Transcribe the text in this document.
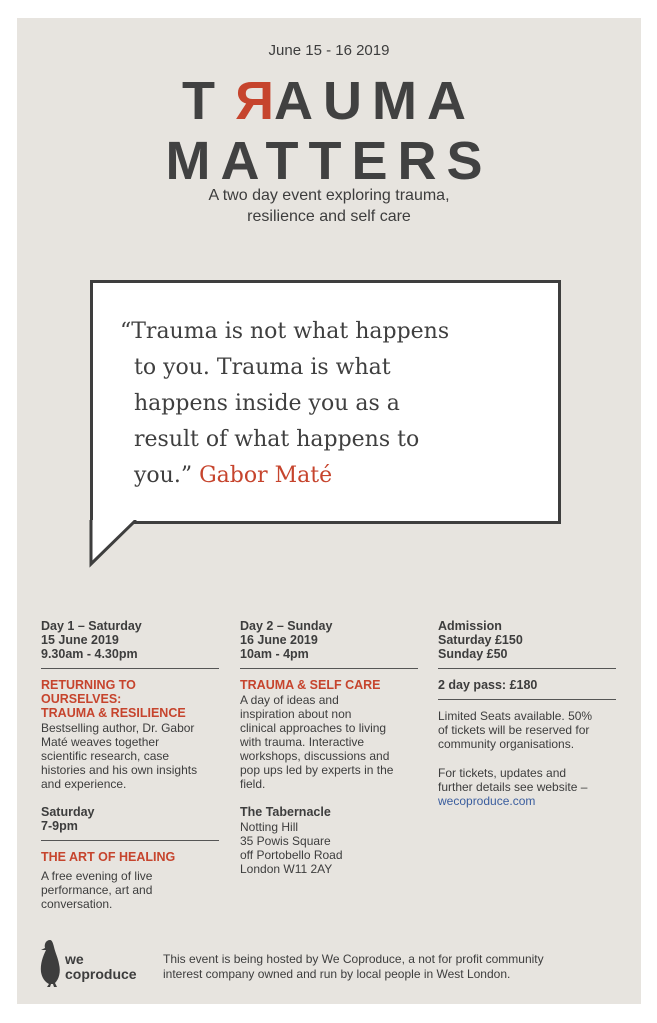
June 15 - 16 2019
TRAUMA
MATTERS
A two day event exploring trauma,
resilience and self care
“Trauma is not what happens
to you. Trauma is what
happens inside you as a
result of what happens to
you.” Gabor Maté
Day 1 – Saturday
15 June 2019
9.30am - 4.30pm
RETURNING TO OURSELVES:
TRAUMA & RESILIENCE
Bestselling author, Dr. Gabor
Maté weaves together
scientific research, case
histories and his own insights
and experience.
Saturday
7-9pm
THE ART OF HEALING
A free evening of live
performance, art and
conversation.
Day 2 – Sunday
16 June 2019
10am - 4pm
TRAUMA & SELF CARE
A day of ideas and
inspiration about non
clinical approaches to living
with trauma. Interactive
workshops, discussions and
pop ups led by experts in the
field.
The Tabernacle
Notting Hill
35 Powis Square
off Portobello Road
London W11 2AY
Admission
Saturday £150
Sunday £50
2 day pass: £180
Limited Seats available. 50%
of tickets will be reserved for
community organisations.
For tickets, updates and
further details see website –
wecoproduce.com
we
coproduce
This event is being hosted by We Coproduce, a not for profit community
interest company owned and run by local people in West London.
